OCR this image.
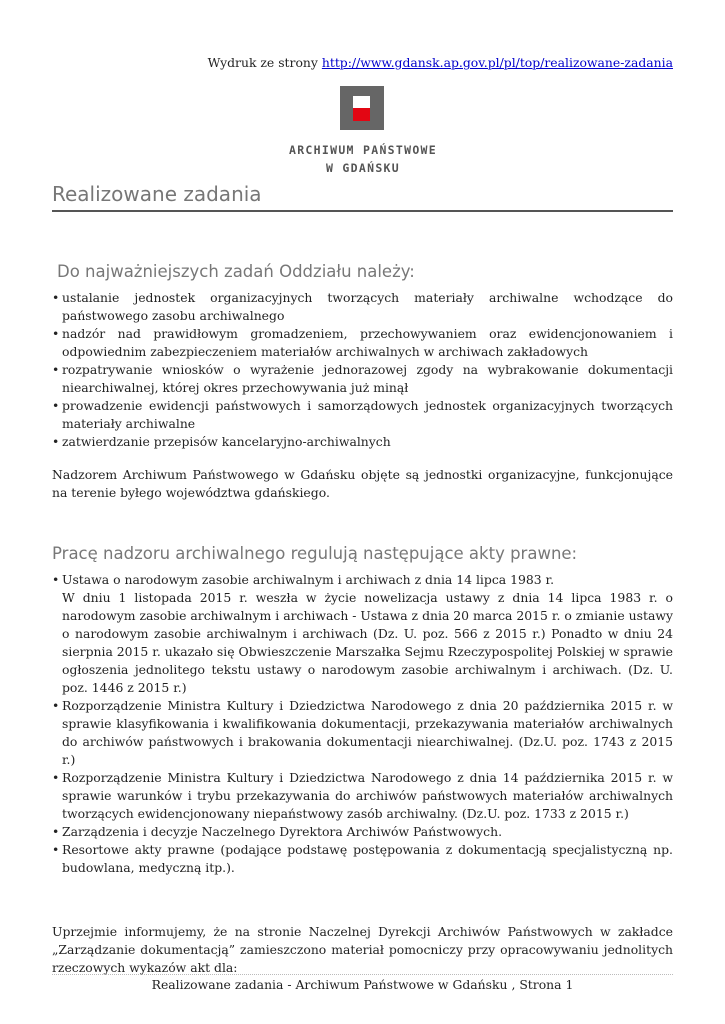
Wydruk ze strony http://www.gdansk.ap.gov.pl/pl/top/realizowane-zadania
ARCHIWUM PAŃSTWOWE
W GDAŃSKU
Realizowane zadania
Do najważniejszych zadań Oddziału należy:
• ustalanie jednostek organizacyjnych tworzących materiały archiwalne wchodzące do państwowego zasobu archiwalnego
• nadzór nad prawidłowym gromadzeniem, przechowywaniem oraz ewidencjonowaniem i odpowiednim zabezpieczeniem materiałów archiwalnych w archiwach zakładowych
• rozpatrywanie wniosków o wyrażenie jednorazowej zgody na wybrakowanie dokumentacji niearchiwalnej, której okres przechowywania już minął
• prowadzenie ewidencji państwowych i samorządowych jednostek organizacyjnych tworzących materiały archiwalne
• zatwierdzanie przepisów kancelaryjno-archiwalnych

Nadzorem Archiwum Państwowego w Gdańsku objęte są jednostki organizacyjne, funkcjonujące na terenie byłego województwa gdańskiego.

Pracę nadzoru archiwalnego regulują następujące akty prawne:
• Ustawa o narodowym zasobie archiwalnym i archiwach z dnia 14 lipca 1983 r.
W dniu 1 listopada 2015 r. weszła w życie nowelizacja ustawy z dnia 14 lipca 1983 r. o narodowym zasobie archiwalnym i archiwach - Ustawa z dnia 20 marca 2015 r. o zmianie ustawy o narodowym zasobie archiwalnym i archiwach (Dz. U. poz. 566 z 2015 r.) Ponadto w dniu 24 sierpnia 2015 r. ukazało się Obwieszczenie Marszałka Sejmu Rzeczypospolitej Polskiej w sprawie ogłoszenia jednolitego tekstu ustawy o narodowym zasobie archiwalnym i archiwach. (Dz. U. poz. 1446 z 2015 r.)
• Rozporządzenie Ministra Kultury i Dziedzictwa Narodowego z dnia 20 października 2015 r. w sprawie klasyfikowania i kwalifikowania dokumentacji, przekazywania materiałów archiwalnych do archiwów państwowych i brakowania dokumentacji niearchiwalnej. (Dz.U. poz. 1743 z 2015 r.)
• Rozporządzenie Ministra Kultury i Dziedzictwa Narodowego z dnia 14 października 2015 r. w sprawie warunków i trybu przekazywania do archiwów państwowych materiałów archiwalnych tworzących ewidencjonowany niepaństwowy zasób archiwalny. (Dz.U. poz. 1733 z 2015 r.)
• Zarządzenia i decyzje Naczelnego Dyrektora Archiwów Państwowych.
• Resortowe akty prawne (podające podstawę postępowania z dokumentacją specjalistyczną np. budowlana, medyczną itp.).

Uprzejmie informujemy, że na stronie Naczelnej Dyrekcji Archiwów Państwowych w zakładce „Zarządzanie dokumentacją” zamieszczono materiał pomocniczy przy opracowywaniu jednolitych rzeczowych wykazów akt dla:

Realizowane zadania - Archiwum Państwowe w Gdańsku , Strona 1
